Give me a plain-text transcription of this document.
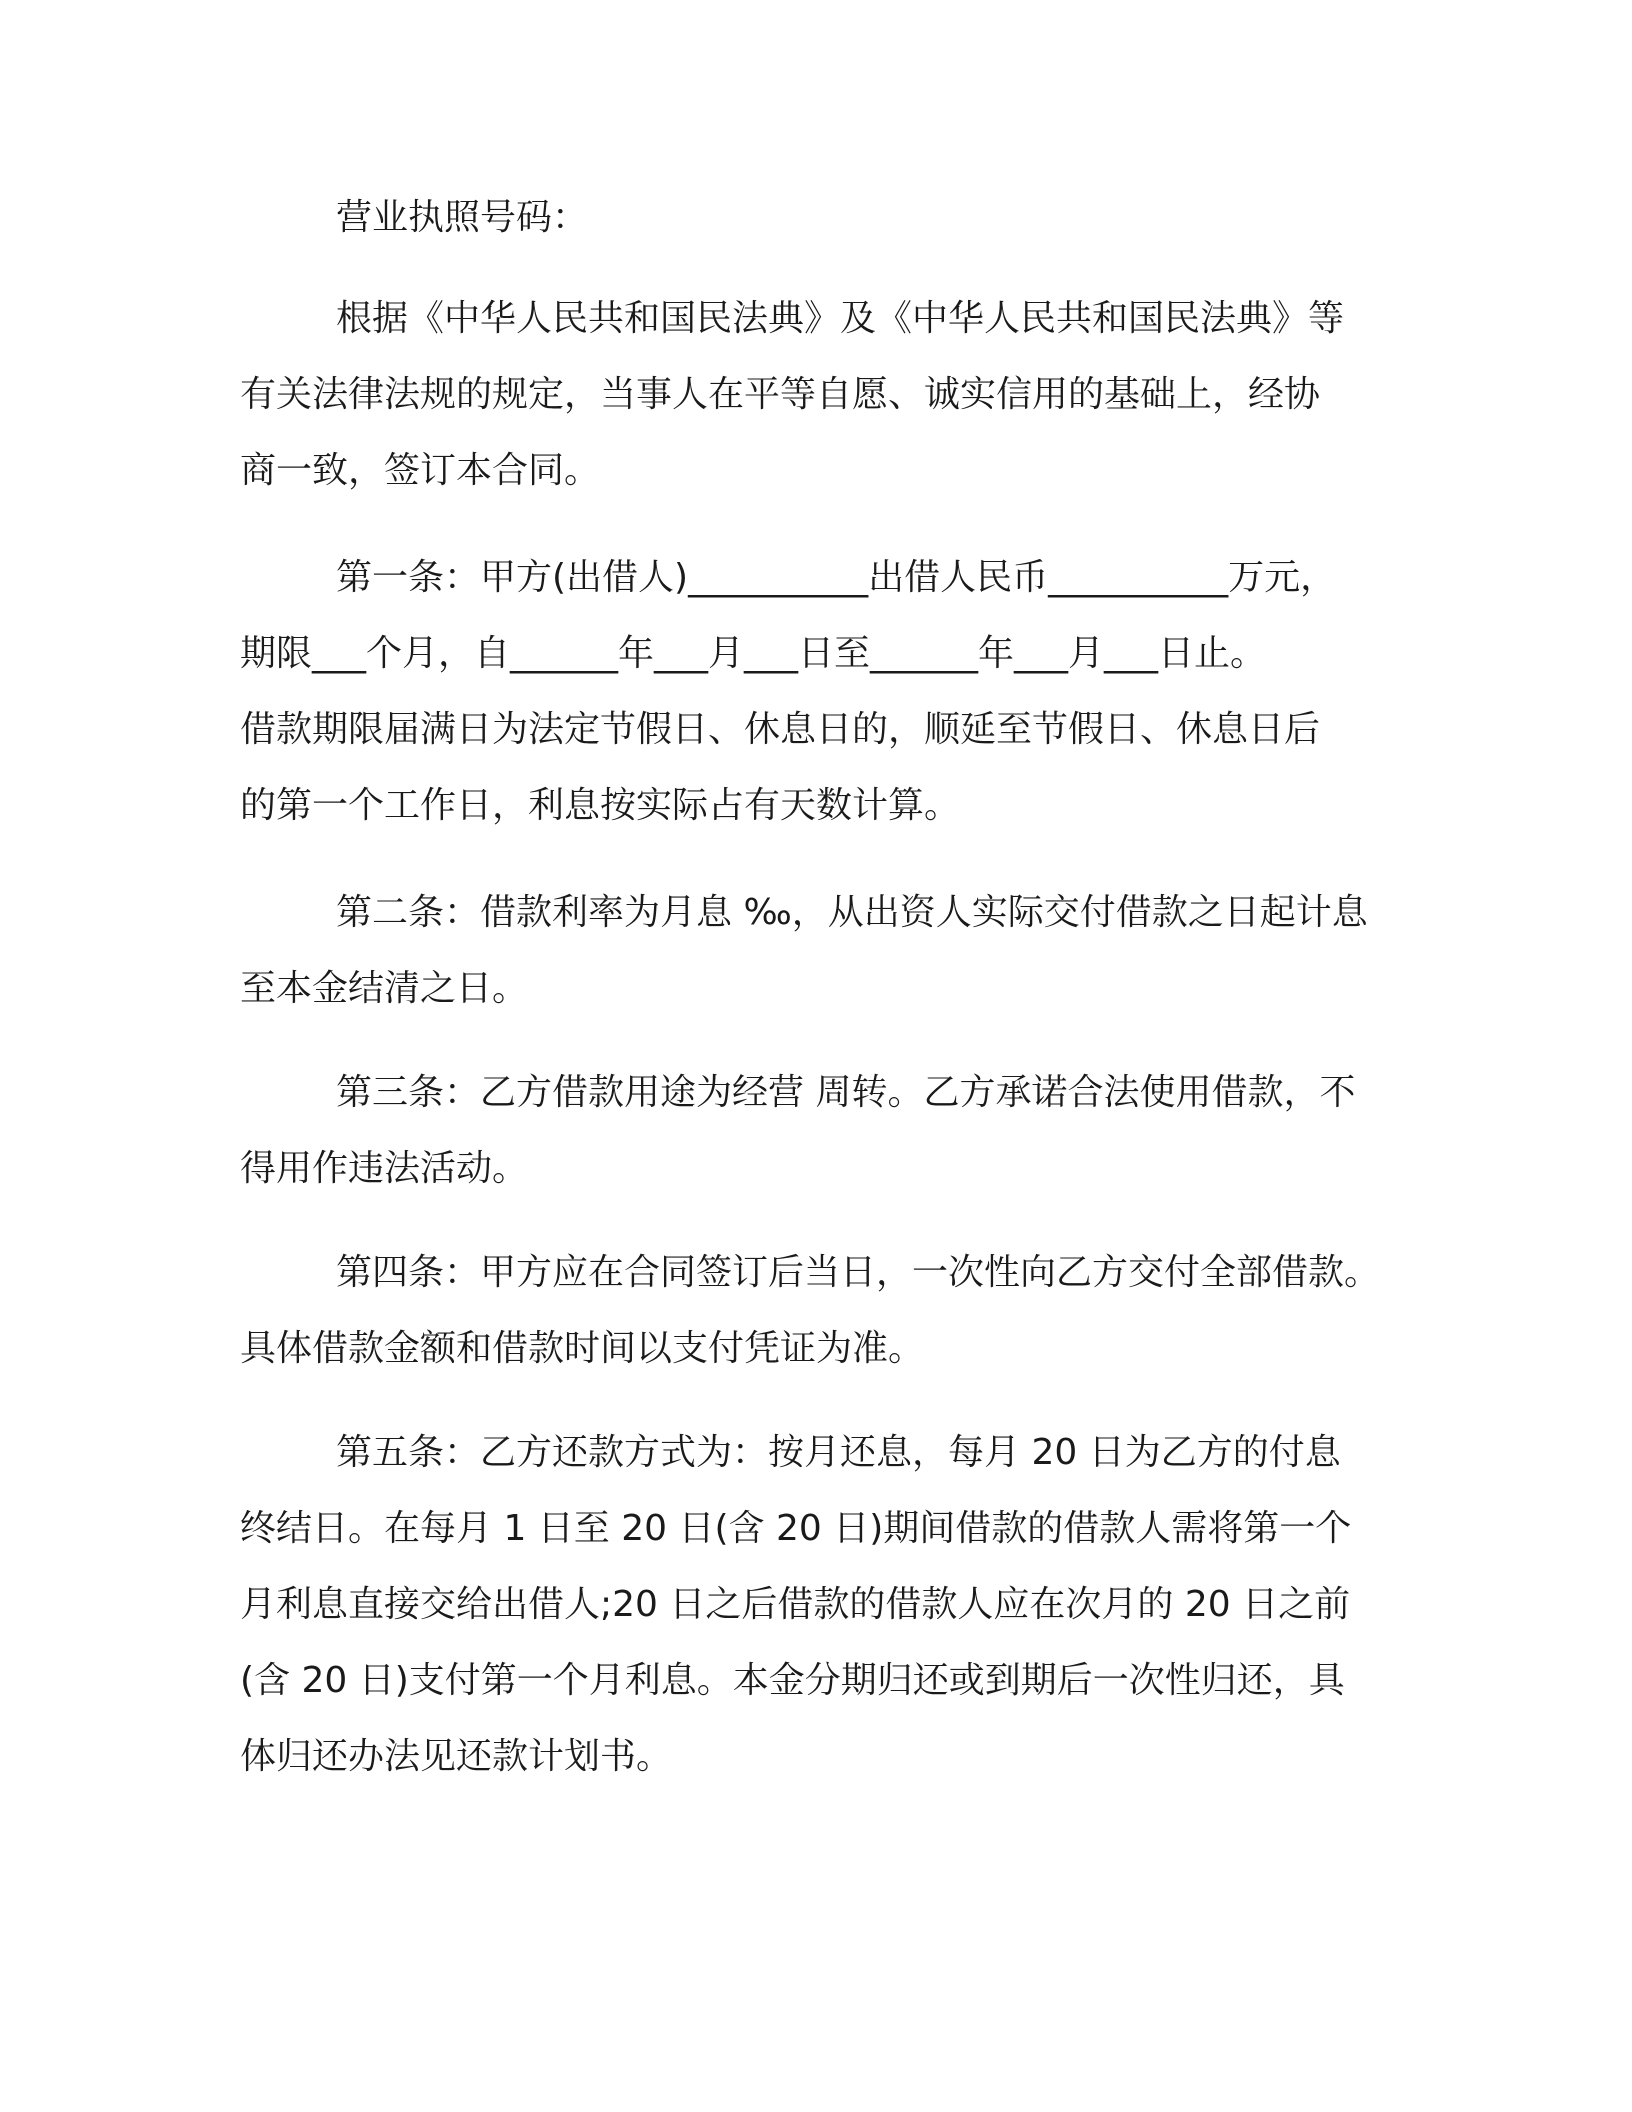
营业执照号码：
根据《中华人民共和国民法典》及《中华人民共和国民法典》等
有关法律法规的规定，当事人在平等自愿、诚实信用的基础上，经协
商一致，签订本合同。
第一条：甲方(出借人)__________出借人民币__________万元，
期限___个月，自______年___月___日至______年___月___日止。
借款期限届满日为法定节假日、休息日的，顺延至节假日、休息日后
的第一个工作日，利息按实际占有天数计算。
第二条：借款利率为月息 ‰，从出资人实际交付借款之日起计息
至本金结清之日。
第三条：乙方借款用途为经营 周转。乙方承诺合法使用借款，不
得用作违法活动。
第四条：甲方应在合同签订后当日，一次性向乙方交付全部借款。
具体借款金额和借款时间以支付凭证为准。
第五条：乙方还款方式为：按月还息，每月 20 日为乙方的付息
终结日。在每月 1 日至 20 日(含 20 日)期间借款的借款人需将第一个
月利息直接交给出借人;20 日之后借款的借款人应在次月的 20 日之前
(含 20 日)支付第一个月利息。本金分期归还或到期后一次性归还，具
体归还办法见还款计划书。
